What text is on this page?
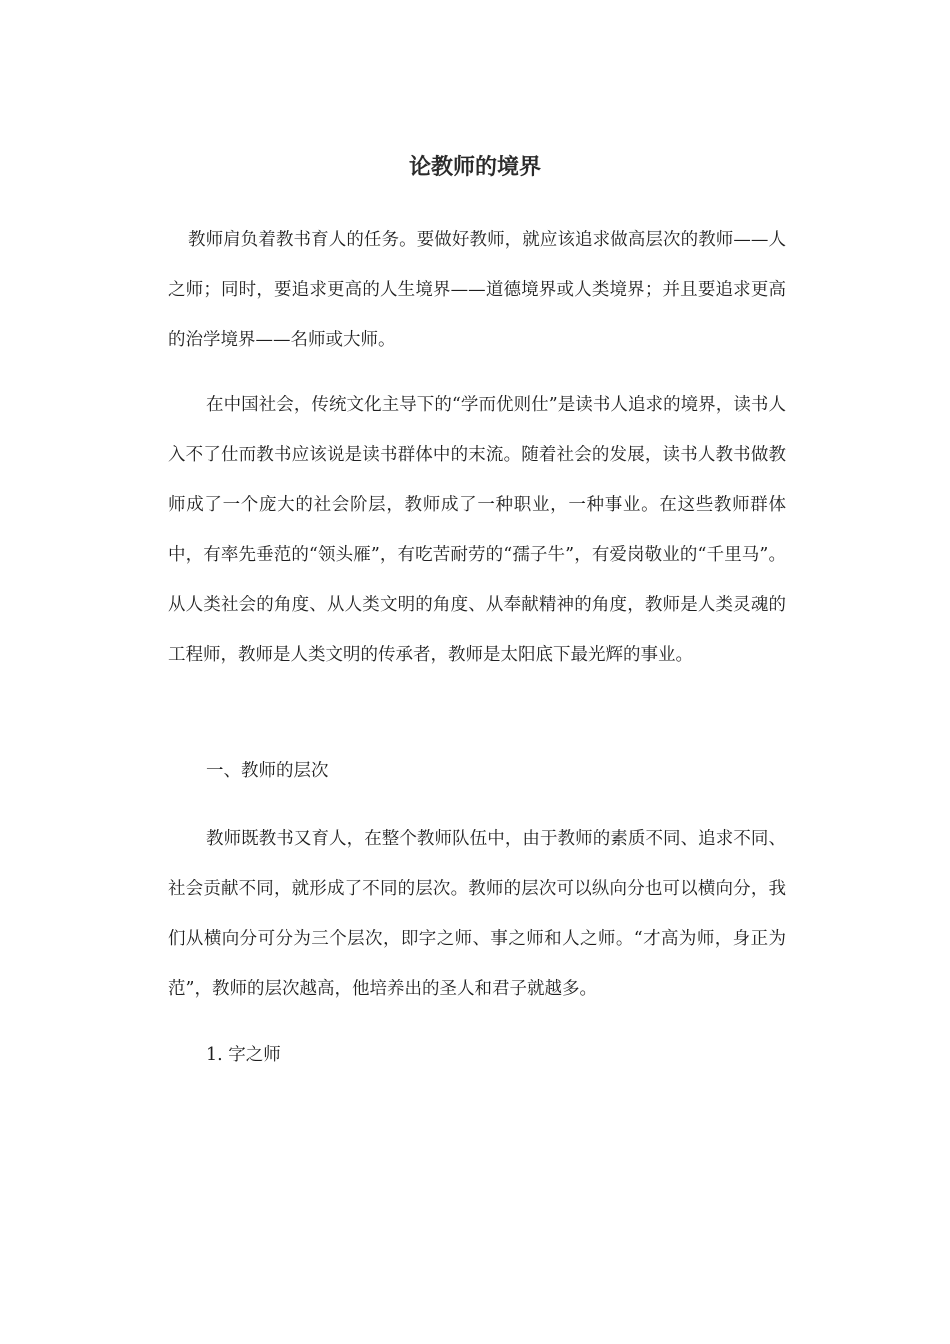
论教师的境界

教师肩负着教书育人的任务。要做好教师，就应该追求做高层次的教师——人之师；同时，要追求更高的人生境界——道德境界或人类境界；并且要追求更高的治学境界——名师或大师。

在中国社会，传统文化主导下的“学而优则仕”是读书人追求的境界，读书人入不了仕而教书应该说是读书群体中的末流。随着社会的发展，读书人教书做教师成了一个庞大的社会阶层，教师成了一种职业，一种事业。在这些教师群体中，有率先垂范的“领头雁”，有吃苦耐劳的“孺子牛”，有爱岗敬业的“千里马”。从人类社会的角度、从人类文明的角度、从奉献精神的角度，教师是人类灵魂的工程师，教师是人类文明的传承者，教师是太阳底下最光辉的事业。

一、教师的层次

教师既教书又育人，在整个教师队伍中，由于教师的素质不同、追求不同、社会贡献不同，就形成了不同的层次。教师的层次可以纵向分也可以横向分，我们从横向分可分为三个层次，即字之师、事之师和人之师。“才高为师，身正为范”，教师的层次越高，他培养出的圣人和君子就越多。

1. 字之师
